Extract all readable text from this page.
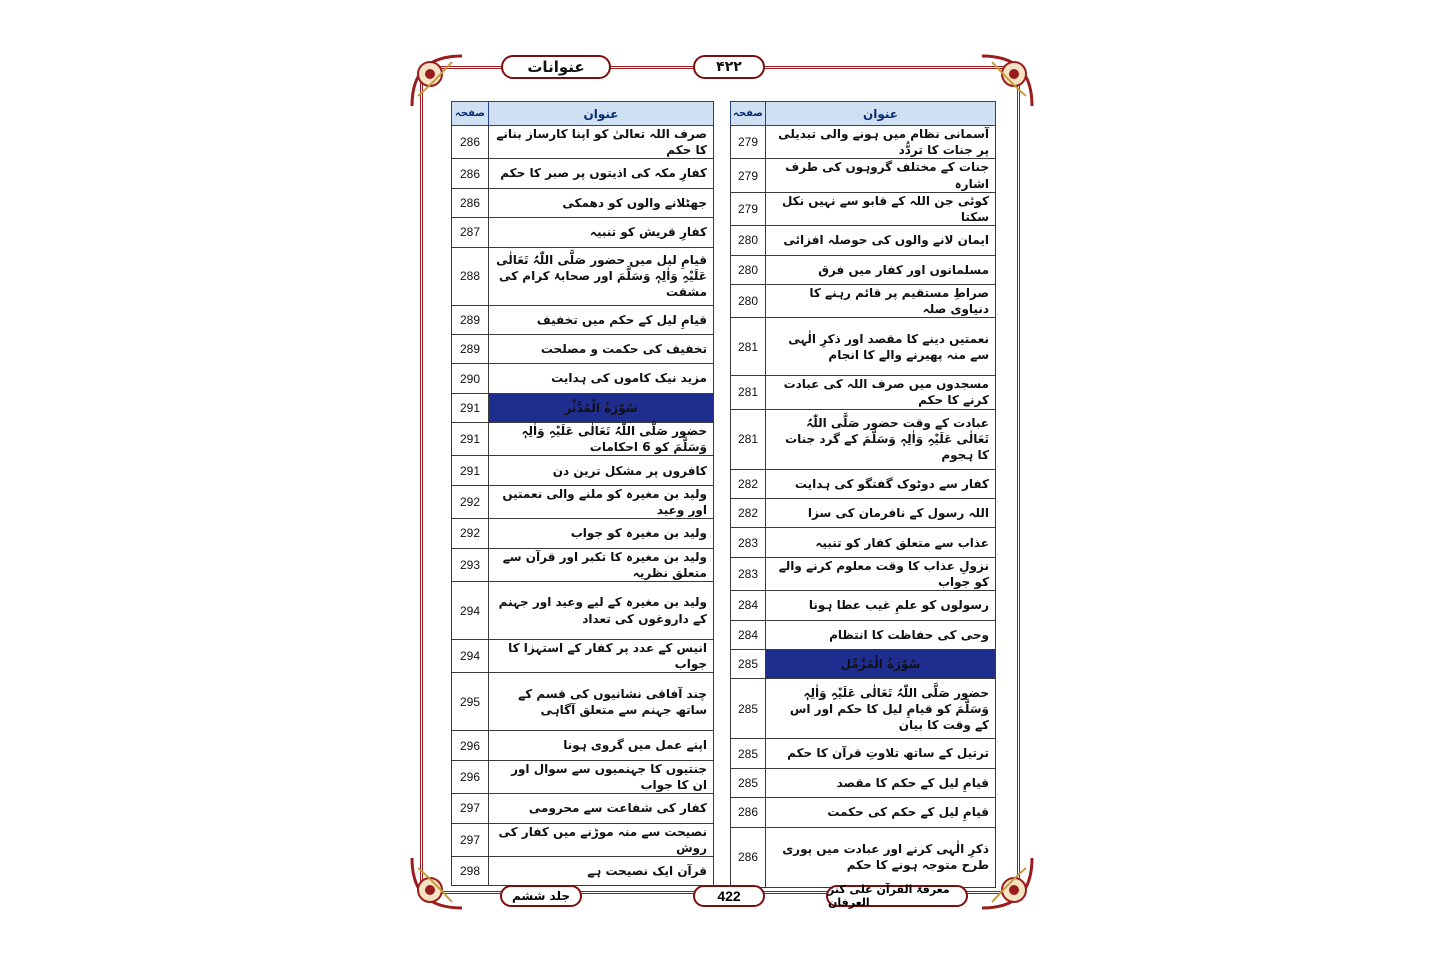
عنوانات	۴۲۲
عنوان	صفحہ
آسمانی نظام میں ہونے والی تبدیلی پر جنات کا تردُّد	279
جنات کے مختلف گروہوں کی طرف اشارہ	279
کوئی جن اللہ کے قابو سے نہیں نکل سکتا	279
ایمان لانے والوں کی حوصلہ افزائی	280
مسلمانوں اور کفار میں فرق	280
صراطِ مستقیم پر قائم رہنے کا دنیاوی صلہ	280
نعمتیں دینے کا مقصد اور ذکرِ الٰہی سے منہ پھیرنے والے کا انجام	281
مسجدوں میں صرف اللہ کی عبادت کرنے کا حکم	281
عبادت کے وقت حضور صَلَّی اللّٰہُ تَعَالٰی عَلَیْہِ وَاٰلِہٖ وَسَلَّمَ کے گرد جنات کا ہجوم	281
کفار سے دوٹوک گفتگو کی ہدایت	282
اللہ رسول کے نافرمان کی سزا	282
عذاب سے متعلق کفار کو تنبیہ	283
نزولِ عذاب کا وقت معلوم کرنے والے کو جواب	283
رسولوں کو علمِ غیب عطا ہونا	284
وحی کی حفاظت کا انتظام	284
سُوْرَةُ الْمُزَّمِّل	285
حضور صَلَّی اللّٰہُ تَعَالٰی عَلَیْہِ وَاٰلِہٖ وَسَلَّمَ کو قیامِ لیل کا حکم اور اس کے وقت کا بیان	285
ترتیل کے ساتھ تلاوتِ قرآن کا حکم	285
قیامِ لیل کے حکم کا مقصد	285
قیامِ لیل کے حکم کی حکمت	286
ذکرِ الٰہی کرنے اور عبادت میں پوری طرح متوجہ ہونے کا حکم	286
عنوان	صفحہ
صرف اللہ تعالیٰ کو اپنا کارساز بنانے کا حکم	286
کفارِ مکہ کی اذیتوں پر صبر کا حکم	286
جھٹلانے والوں کو دھمکی	286
کفارِ قریش کو تنبیہ	287
قیامِ لیل میں حضور صَلَّی اللّٰہُ تَعَالٰی عَلَیْہِ وَاٰلِہٖ وَسَلَّمَ اور صحابۂ کرام کی مشقت	288
قیامِ لیل کے حکم میں تخفیف	289
تخفیف کی حکمت و مصلحت	289
مزید نیک کاموں کی ہدایت	290
سُوْرَةُ الْمُدَّثِّر	291
حضور صَلَّی اللّٰہُ تَعَالٰی عَلَیْہِ وَاٰلِہٖ وَسَلَّمَ کو 6 احکامات	291
کافروں پر مشکل ترین دن	291
ولید بن مغیرہ کو ملنے والی نعمتیں اور وعید	292
ولید بن مغیرہ کو جواب	292
ولید بن مغیرہ کا تکبر اور قرآن سے متعلق نظریہ	293
ولید بن مغیرہ کے لیے وعید اور جہنم کے داروغوں کی تعداد	294
انیس کے عدد پر کفار کے استہزا کا جواب	294
چند آفاقی نشانیوں کی قسم کے ساتھ جہنم سے متعلق آگاہی	295
اپنے عمل میں گروی ہونا	296
جنتیوں کا جہنمیوں سے سوال اور ان کا جواب	296
کفار کی شفاعت سے محرومی	297
نصیحت سے منہ موڑنے میں کفار کی روش	297
قرآن ایک نصیحت ہے	298
جلد ششم	422	معرفۃ القرآن علی کنز العرفان
